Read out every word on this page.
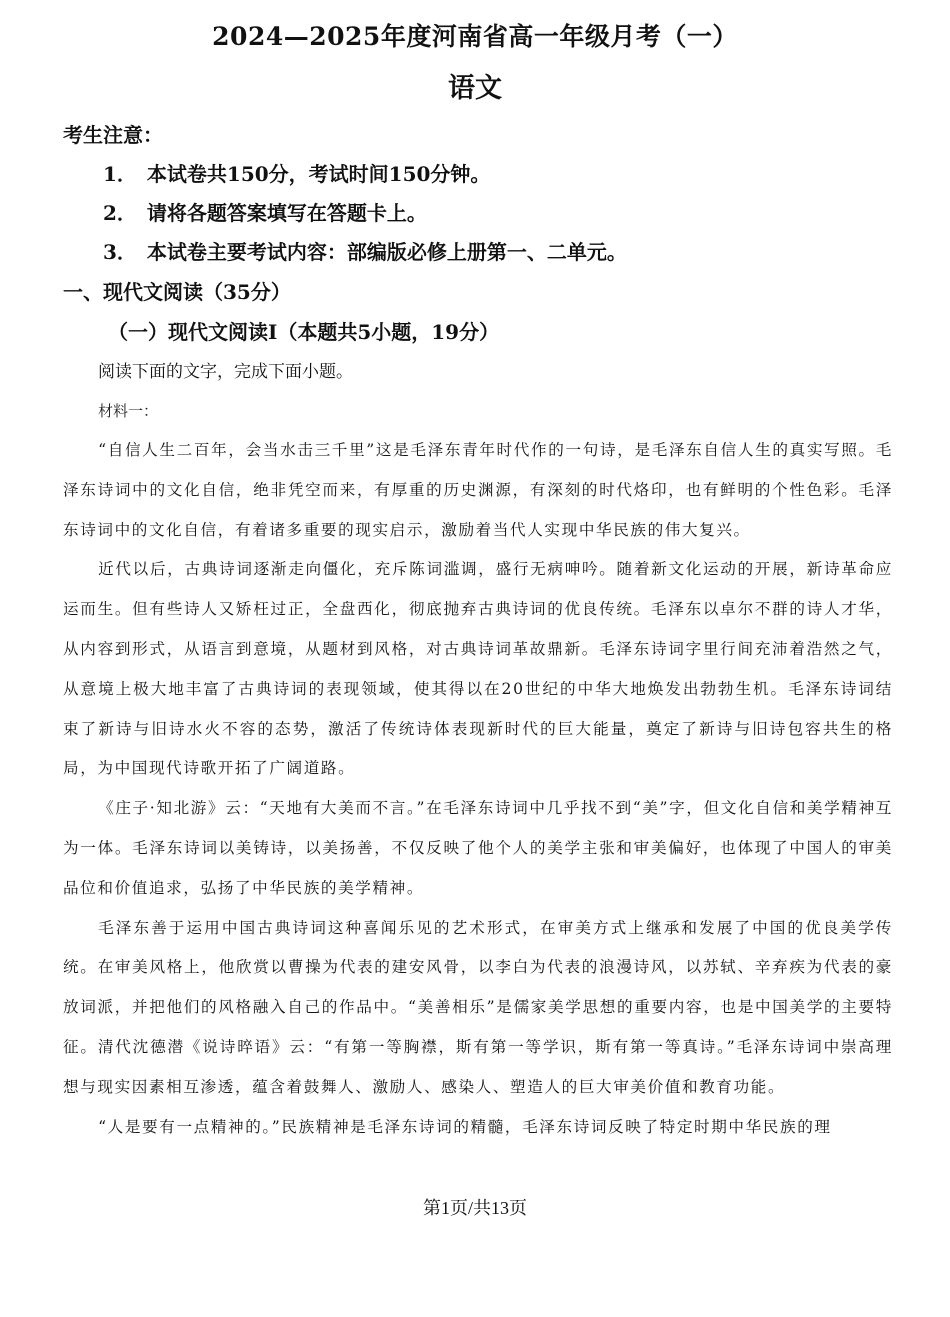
2024—2025年度河南省高一年级月考（一）
语文
考生注意：
1． 本试卷共150分，考试时间150分钟。
2． 请将各题答案填写在答题卡上。
3． 本试卷主要考试内容：部编版必修上册第一、二单元。
一、现代文阅读（35分）
（一）现代文阅读Ⅰ（本题共5小题，19分）
阅读下面的文字，完成下面小题。
材料一：

“自信人生二百年，会当水击三千里”这是毛泽东青年时代作的一句诗，是毛泽东自信人生的真实写照。毛泽东诗词中的文化自信，绝非凭空而来，有厚重的历史渊源，有深刻的时代烙印，也有鲜明的个性色彩。毛泽东诗词中的文化自信，有着诸多重要的现实启示，激励着当代人实现中华民族的伟大复兴。

近代以后，古典诗词逐渐走向僵化，充斥陈词滥调，盛行无病呻吟。随着新文化运动的开展，新诗革命应运而生。但有些诗人又矫枉过正，全盘西化，彻底抛弃古典诗词的优良传统。毛泽东以卓尔不群的诗人才华，从内容到形式，从语言到意境，从题材到风格，对古典诗词革故鼎新。毛泽东诗词字里行间充沛着浩然之气，从意境上极大地丰富了古典诗词的表现领域，使其得以在20世纪的中华大地焕发出勃勃生机。毛泽东诗词结束了新诗与旧诗水火不容的态势，激活了传统诗体表现新时代的巨大能量，奠定了新诗与旧诗包容共生的格局，为中国现代诗歌开拓了广阔道路。

《庄子·知北游》云：“天地有大美而不言。”在毛泽东诗词中几乎找不到“美”字，但文化自信和美学精神互为一体。毛泽东诗词以美铸诗，以美扬善，不仅反映了他个人的美学主张和审美偏好，也体现了中国人的审美品位和价值追求，弘扬了中华民族的美学精神。

毛泽东善于运用中国古典诗词这种喜闻乐见的艺术形式，在审美方式上继承和发展了中国的优良美学传统。在审美风格上，他欣赏以曹操为代表的建安风骨，以李白为代表的浪漫诗风，以苏轼、辛弃疾为代表的豪放词派，并把他们的风格融入自己的作品中。“美善相乐”是儒家美学思想的重要内容，也是中国美学的主要特征。清代沈德潜《说诗晬语》云：“有第一等胸襟，斯有第一等学识，斯有第一等真诗。”毛泽东诗词中崇高理想与现实因素相互渗透，蕴含着鼓舞人、激励人、感染人、塑造人的巨大审美价值和教育功能。

“人是要有一点精神的。”民族精神是毛泽东诗词的精髓，毛泽东诗词反映了特定时期中华民族的理

第1页/共13页
